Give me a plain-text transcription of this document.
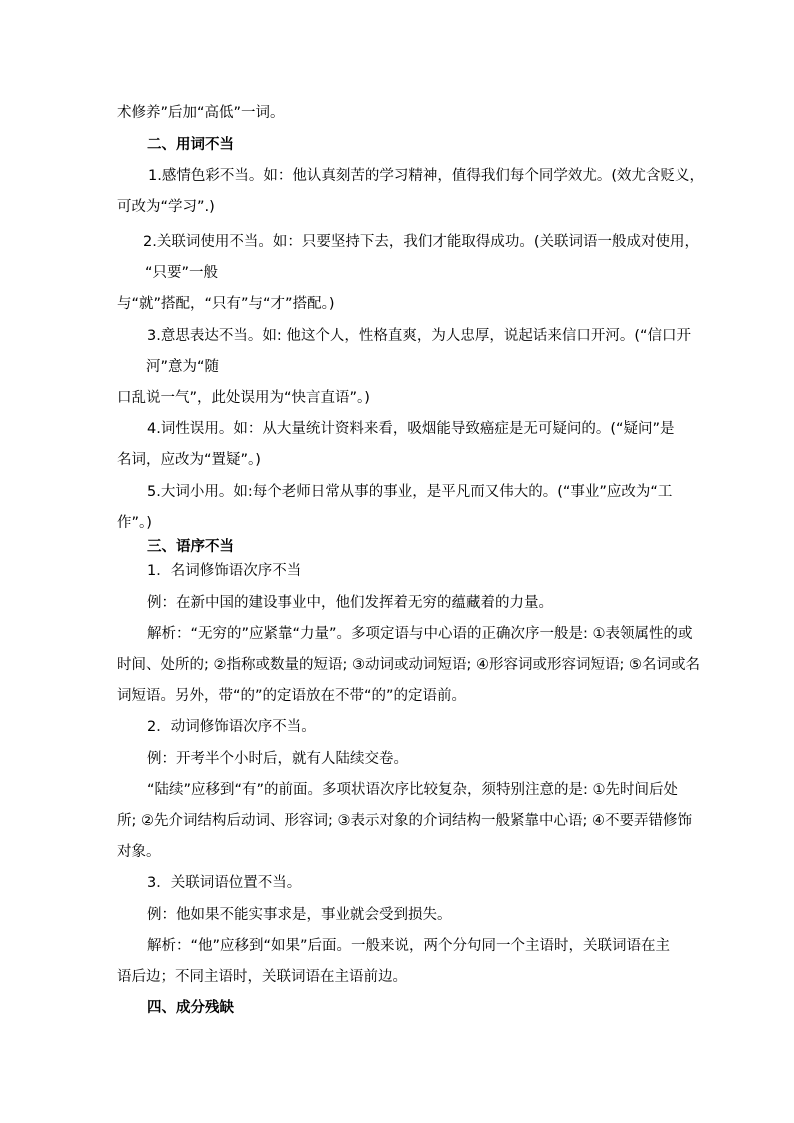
术修养”后加“高低”一词。
二、用词不当
1.感情色彩不当。如：他认真刻苦的学习精神，值得我们每个同学效尤。(效尤含贬义，
可改为“学习”.)
2.关联词使用不当。如：只要坚持下去，我们才能取得成功。(关联词语一般成对使用，
“只要”一般
与“就”搭配，“只有”与“才”搭配。)
3.意思表达不当。如: 他这个人，性格直爽，为人忠厚，说起话来信口开河。(“信口开
河”意为“随
口乱说一气”，此处误用为“快言直语”。)
4.词性误用。如：从大量统计资料来看，吸烟能导致癌症是无可疑问的。(“疑问”是
名词，应改为“置疑”。)
5.大词小用。如:每个老师日常从事的事业，是平凡而又伟大的。(“事业”应改为“工
作”。)
三、语序不当
1．名词修饰语次序不当
例：在新中国的建设事业中，他们发挥着无穷的蕴藏着的力量。
解析：“无穷的”应紧靠“力量”。多项定语与中心语的正确次序一般是: ①表领属性的或
时间、处所的; ②指称或数量的短语; ③动词或动词短语; ④形容词或形容词短语; ⑤名词或名
词短语。另外，带“的”的定语放在不带“的”的定语前。
2．动词修饰语次序不当。
例：开考半个小时后，就有人陆续交卷。
“陆续”应移到“有”的前面。多项状语次序比较复杂，须特别注意的是: ①先时间后处
所; ②先介词结构后动词、形容词; ③表示对象的介词结构一般紧靠中心语; ④不要弄错修饰
对象。
3．关联词语位置不当。
例：他如果不能实事求是，事业就会受到损失。
解析：“他”应移到“如果”后面。一般来说，两个分句同一个主语时，关联词语在主
语后边；不同主语时，关联词语在主语前边。
四、成分残缺
